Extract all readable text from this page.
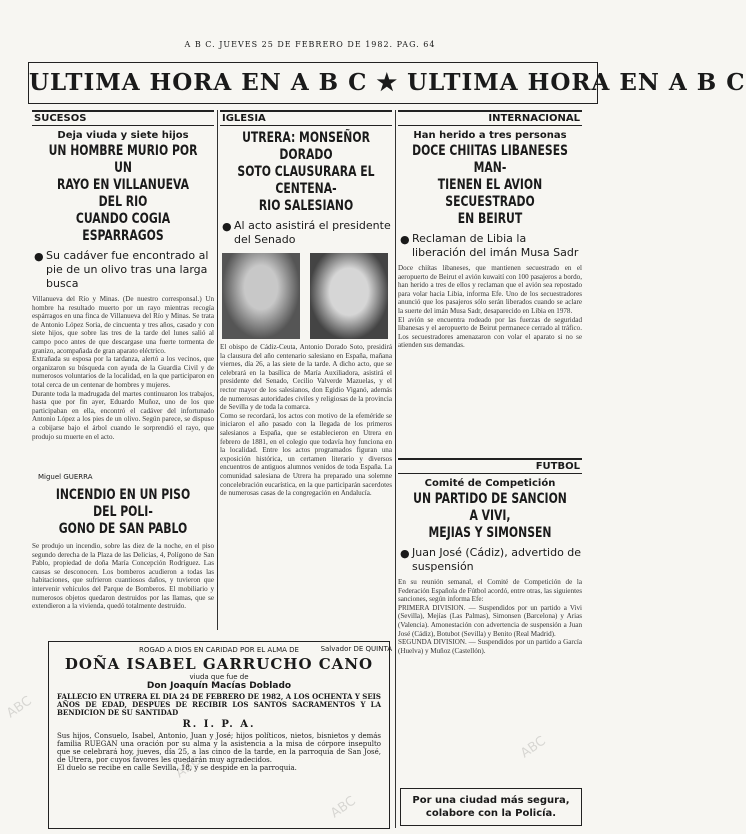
A B C. JUEVES 25 DE FEBRERO DE 1982. PAG. 64
ULTIMA HORA EN A B C ★ ULTIMA HORA EN A B C
SUCESOS
Deja viuda y siete hijos
UN HOMBRE MURIO POR UN
RAYO EN VILLANUEVA DEL RIO
CUANDO COGIA ESPARRAGOS
● Su cadáver fue encontrado al pie de un olivo tras una larga busca
Villanueva del Río y Minas. (De nuestro corresponsal.) Un hombre ha resultado muerto por un rayo mientras recogía espárragos en una finca de Villanueva del Río y Minas. Se trata de Antonio López Soria, de cincuenta y tres años, casado y con siete hijos, que sobre las tres de la tarde del lunes salió al campo poco antes de que descargase una fuerte tormenta de granizo, acompañada de gran aparato eléctrico.
Extrañada su esposa por la tardanza, alertó a los vecinos, que organizaron su búsqueda con ayuda de la Guardia Civil y de numerosos voluntarios de la localidad, en la que participaron en total cerca de un centenar de hombres y mujeres.
Durante toda la madrugada del martes continuaron los trabajos, hasta que por fin ayer, Eduardo Muñoz, uno de los que participaban en ella, encontró el cadáver del infortunado Antonio López a los pies de un olivo. Según parece, se dispuso a cobijarse bajo el árbol cuando le sorprendió el rayo, que produjo su muerte en el acto.
Miguel GUERRA
INCENDIO EN UN PISO DEL POLI-
GONO DE SAN PABLO
Se produjo un incendio, sobre las diez de la noche, en el piso segundo derecha de la Plaza de las Delicias, 4, Polígono de San Pablo, propiedad de doña María Concepción Rodríguez. Las causas se desconocen. Los bomberos acudieron a todas las habitaciones, que sufrieron cuantiosos daños, y tuvieron que intervenir vehículos del Parque de Bomberos. El mobiliario y numerosos objetos quedaron destruidos por las llamas, que se extendieron a la vivienda, quedó totalmente destruido.
IGLESIA
UTRERA: MONSEÑOR DORADO
SOTO CLAUSURARA EL CENTENA-
RIO SALESIANO
● Al acto asistirá el presidente del Senado
El obispo de Cádiz-Ceuta, Antonio Dorado Soto, presidirá la clausura del año centenario salesiano en España, mañana viernes, día 26, a las siete de la tarde. A dicho acto, que se celebrará en la basílica de María Auxiliadora, asistirá el presidente del Senado, Cecilio Valverde Mazuelas, y el rector mayor de los salesianos, don Egidio Viganó, además de numerosas autoridades civiles y religiosas de la provincia de Sevilla y de toda la comarca.
Como se recordará, los actos con motivo de la efeméride se iniciaron el año pasado con la llegada de los primeros salesianos a España, que se establecieron en Utrera en febrero de 1881, en el colegio que todavía hoy funciona en la localidad. Entre los actos programados figuran una exposición histórica, un certamen literario y diversos encuentros de antiguos alumnos venidos de toda España. La comunidad salesiana de Utrera ha preparado una solemne concelebración eucarística, en la que participarán sacerdotes de numerosas casas de la congregación en Andalucía.
Salvador DE QUINTA
INTERNACIONAL
Han herido a tres personas
DOCE CHIITAS LIBANESES MAN-
TIENEN EL AVION SECUESTRADO
EN BEIRUT
● Reclaman de Libia la liberación del imán Musa Sadr
Doce chiítas libaneses, que mantienen secuestrado en el aeropuerto de Beirut el avión kuwaití con 100 pasajeros a bordo, han herido a tres de ellos y reclaman que el avión sea repostado para volar hacia Libia, informa Efe. Uno de los secuestradores anunció que los pasajeros sólo serán liberados cuando se aclare la suerte del imán Musa Sadr, desaparecido en Libia en 1978.
El avión se encuentra rodeado por las fuerzas de seguridad libanesas y el aeropuerto de Beirut permanece cerrado al tráfico. Los secuestradores amenazaron con volar el aparato si no se atienden sus demandas.
FUTBOL
Comité de Competición
UN PARTIDO DE SANCION A VIVI,
MEJIAS Y SIMONSEN
● Juan José (Cádiz), advertido de suspensión
En su reunión semanal, el Comité de Competición de la Federación Española de Fútbol acordó, entre otras, las siguientes sanciones, según informa Efe:
PRIMERA DIVISION. — Suspendidos por un partido a Vivi (Sevilla), Mejías (Las Palmas), Simonsen (Barcelona) y Arias (Valencia). Amonestación con advertencia de suspensión a Juan José (Cádiz), Botubot (Sevilla) y Benito (Real Madrid).
SEGUNDA DIVISION. — Suspendidos por un partido a García (Huelva) y Muñoz (Castellón).
Por una ciudad más segura,
colabore con la Policía.
ROGAD A DIOS EN CARIDAD POR EL ALMA DE
DOÑA ISABEL GARRUCHO CANO
viuda que fue de
Don Joaquín Macías Doblado
FALLECIO EN UTRERA EL DIA 24 DE FEBRERO DE 1982, A LOS OCHENTA Y SEIS AÑOS DE EDAD, DESPUES DE RECIBIR LOS SANTOS SACRAMENTOS Y LA BENDICION DE SU SANTIDAD
R. I. P. A.
Sus hijos, Consuelo, Isabel, Antonio, Juan y José; hijos políticos, nietos, bisnietos y demás familia RUEGAN una oración por su alma y la asistencia a la misa de córpore insepulto que se celebrará hoy, jueves, día 25, a las cinco de la tarde, en la parroquia de San José, de Utrera, por cuyos favores les quedarán muy agradecidos.
El duelo se recibe en calle Sevilla, 18, y se despide en la parroquia.
ABC
ABC
ABC
ABC
